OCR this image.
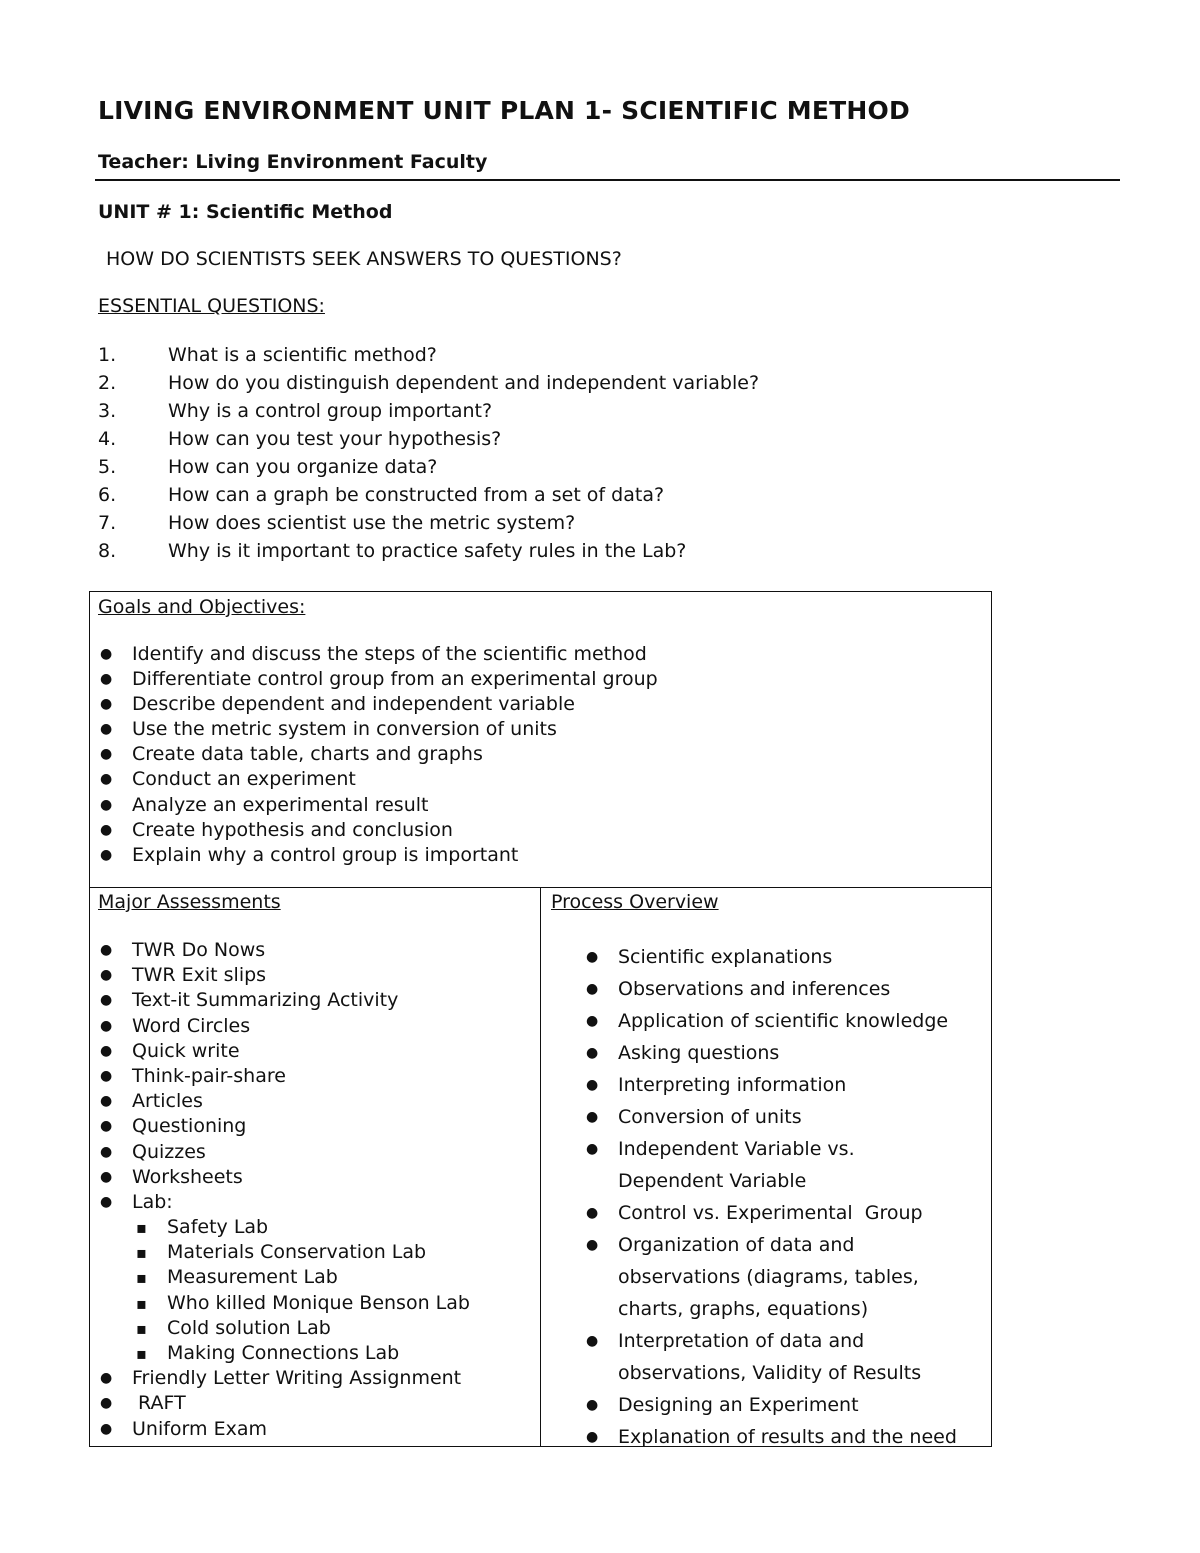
LIVING ENVIRONMENT UNIT PLAN 1- SCIENTIFIC METHOD
Teacher: Living Environment Faculty
UNIT # 1: Scientific Method
HOW DO SCIENTISTS SEEK ANSWERS TO QUESTIONS?
ESSENTIAL QUESTIONS:
1.	What is a scientific method?
2.	How do you distinguish dependent and independent variable?
3.	Why is a control group important?
4.	How can you test your hypothesis?
5.	How can you organize data?
6.	How can a graph be constructed from a set of data?
7.	How does scientist use the metric system?
8.	Why is it important to practice safety rules in the Lab?
Goals and Objectives:
● Identify and discuss the steps of the scientific method
● Differentiate control group from an experimental group
● Describe dependent and independent variable
● Use the metric system in conversion of units
● Create data table, charts and graphs
● Conduct an experiment
● Analyze an experimental result
● Create hypothesis and conclusion
● Explain why a control group is important
Major Assessments
● TWR Do Nows
● TWR Exit slips
● Text-it Summarizing Activity
● Word Circles
● Quick write
● Think-pair-share
● Articles
● Questioning
● Quizzes
● Worksheets
● Lab:
▪ Safety Lab
▪ Materials Conservation Lab
▪ Measurement Lab
▪ Who killed Monique Benson Lab
▪ Cold solution Lab
▪ Making Connections Lab
● Friendly Letter Writing Assignment
● RAFT
● Uniform Exam
Process Overview
● Scientific explanations
● Observations and inferences
● Application of scientific knowledge
● Asking questions
● Interpreting information
● Conversion of units
● Independent Variable vs.
Dependent Variable
● Control vs. Experimental  Group
● Organization of data and
observations (diagrams, tables,
charts, graphs, equations)
● Interpretation of data and
observations, Validity of Results
● Designing an Experiment
● Explanation of results and the need
